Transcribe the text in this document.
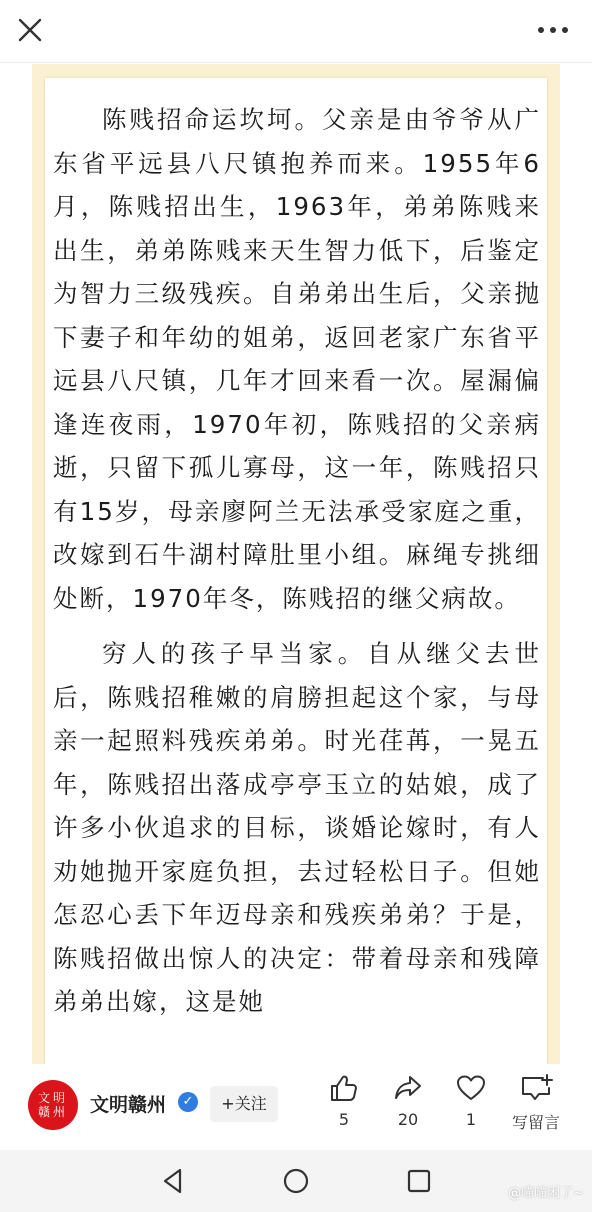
陈贱招命运坎坷。父亲是由爷爷从广东省平远县八尺镇抱养而来。1955年6月，陈贱招出生，1963年，弟弟陈贱来出生，弟弟陈贱来天生智力低下，后鉴定为智力三级残疾。自弟弟出生后，父亲抛下妻子和年幼的姐弟，返回老家广东省平远县八尺镇，几年才回来看一次。屋漏偏逢连夜雨，1970年初，陈贱招的父亲病逝，只留下孤儿寡母，这一年，陈贱招只有15岁，母亲廖阿兰无法承受家庭之重，改嫁到石牛湖村障肚里小组。麻绳专挑细处断，1970年冬，陈贱招的继父病故。

穷人的孩子早当家。自从继父去世后，陈贱招稚嫩的肩膀担起这个家，与母亲一起照料残疾弟弟。时光荏苒，一晃五年，陈贱招出落成亭亭玉立的姑娘，成了许多小伙追求的目标，谈婚论嫁时，有人劝她抛开家庭负担，去过轻松日子。但她怎忍心丢下年迈母亲和残疾弟弟？于是，陈贱招做出惊人的决定：带着母亲和残障弟弟出嫁，这是她

文明
赣州 文明赣州	✓	+关注
5	20	1	写留言
@喵喵困了~
